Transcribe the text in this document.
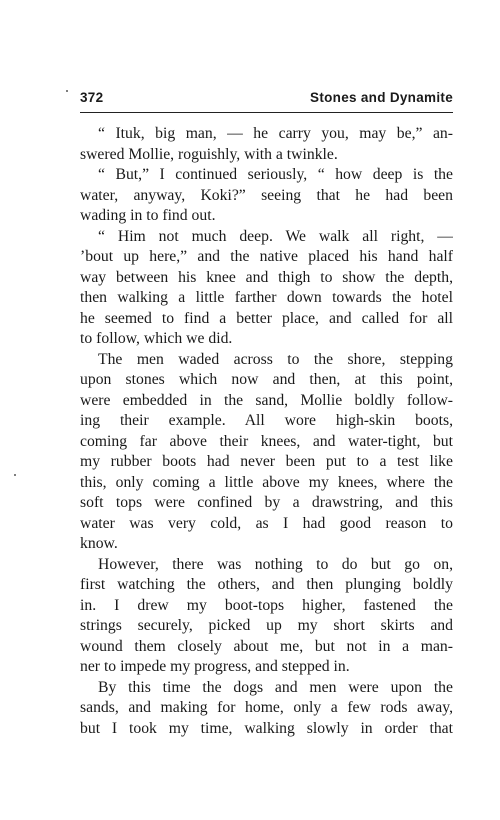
372	Stones and Dynamite
“ Ituk, big man, — he carry you, may be,” an-
swered Mollie, roguishly, with a twinkle.
“ But,” I continued seriously, “ how deep is the
water, anyway, Koki?” seeing that he had been
wading in to find out.
“ Him not much deep. We walk all right, —
’bout up here,” and the native placed his hand half
way between his knee and thigh to show the depth,
then walking a little farther down towards the hotel
he seemed to find a better place, and called for all
to follow, which we did.
The men waded across to the shore, stepping
upon stones which now and then, at this point,
were embedded in the sand, Mollie boldly follow-
ing their example. All wore high-skin boots,
coming far above their knees, and water-tight, but
my rubber boots had never been put to a test like
this, only coming a little above my knees, where the
soft tops were confined by a drawstring, and this
water was very cold, as I had good reason to
know.
However, there was nothing to do but go on,
first watching the others, and then plunging boldly
in. I drew my boot-tops higher, fastened the
strings securely, picked up my short skirts and
wound them closely about me, but not in a man-
ner to impede my progress, and stepped in.
By this time the dogs and men were upon the
sands, and making for home, only a few rods away,
but I took my time, walking slowly in order that
